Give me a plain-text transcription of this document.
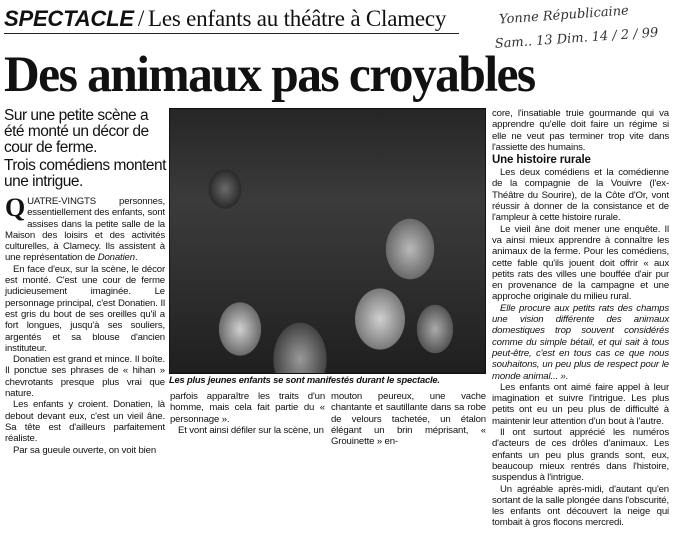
SPECTACLE / Les enfants au théâtre à Clamecy	Yonne Républicaine
Sam.. 13 Dim. 14 / 2 / 99
Des animaux pas croyables

Sur une petite scène a été monté un décor de cour de ferme.

Trois comédiens montent une intrigue.

QUATRE-VINGTS personnes, essentiellement des enfants, sont assises dans la petite salle de la Maison des loisirs et des activités culturelles, à Clamecy. Ils assistent à une représentation de Donatien.

En face d'eux, sur la scène, le décor est monté. C'est une cour de ferme judicieusement imaginée. Le personnage principal, c'est Donatien. Il est gris du bout de ses oreilles qu'il a fort longues, jusqu'à ses souliers, argentés et sa blouse d'ancien instituteur.

Donatien est grand et mince. Il boîte. Il ponctue ses phrases de « hihan » chevrotants presque plus vrai que nature.

Les enfants y croient. Donatien, là debout devant eux, c'est un vieil âne. Sa tête est d'ailleurs parfaitement réaliste.

Par sa gueule ouverte, on voit bien

Les plus jeunes enfants se sont manifestés durant le spectacle.

parfois apparaître les traits d'un homme, mais cela fait partie du « personnage ».

Et vont ainsi défiler sur la scène, un

mouton peureux, une vache chantante et sautillante dans sa robe de velours tachetée, un étalon élégant un brin méprisant, « Grouinette » en-

core, l'insatiable truie gourmande qui va apprendre qu'elle doit faire un régime si elle ne veut pas terminer trop vite dans l'assiette des humains.

Une histoire rurale

Les deux comédiens et la comédienne de la compagnie de la Vouivre (l'ex-Théâtre du Sourire), de la Côte d'Or, vont réussir à donner de la consistance et de l'ampleur à cette histoire rurale.

Le vieil âne doit mener une enquête. Il va ainsi mieux apprendre à connaître les animaux de la ferme. Pour les comédiens, cette fable qu'ils jouent doit offrir « aux petits rats des villes une bouffée d'air pur en provenance de la campagne et une approche originale du milieu rural.

Elle procure aux petits rats des champs une vision différente des animaux domestiques trop souvent considérés comme du simple bétail, et qui sait à tous peut-être, c'est en tous cas ce que nous souhaitons, un peu plus de respect pour le monde animal... ».

Les enfants ont aimé faire appel à leur imagination et suivre l'intrigue. Les plus petits ont eu un peu plus de difficulté à maintenir leur attention d'un bout à l'autre.

Il ont surtout apprécié les numéros d'acteurs de ces drôles d'animaux. Les enfants un peu plus grands sont, eux, beaucoup mieux rentrés dans l'histoire, suspendus à l'intrigue.

Un agréable après-midi, d'autant qu'en sortant de la salle plongée dans l'obscurité, les enfants ont découvert la neige qui tombait à gros flocons mercredi.
